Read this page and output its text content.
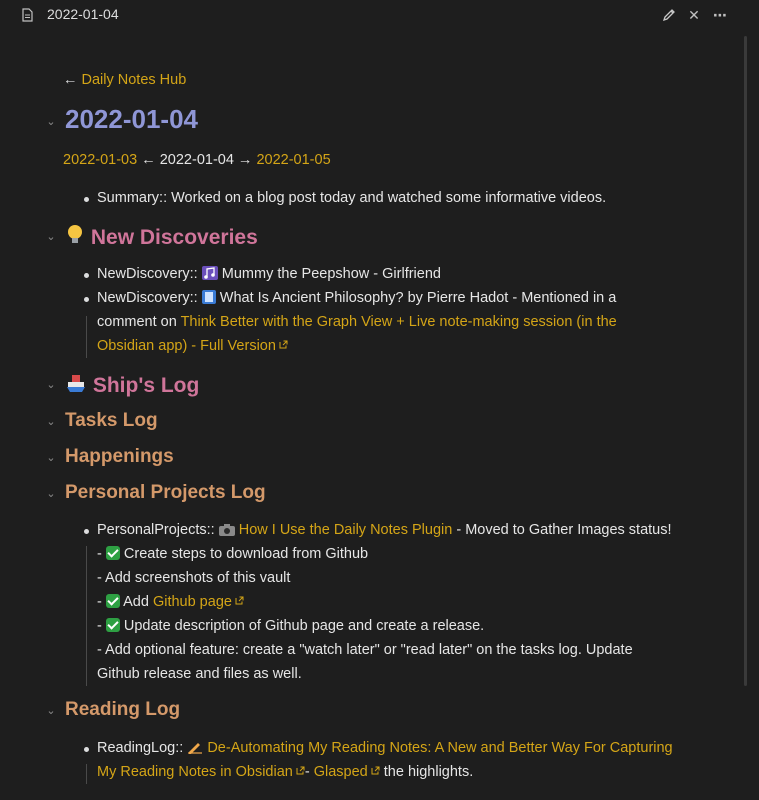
2022-01-04	✕ ⋯
← Daily Notes Hub
⌄ 2022-01-04
2022-01-03 ← 2022-01-04 → 2022-01-05
Summary:: Worked on a blog post today and watched some informative videos.
⌄	New Discoveries
NewDiscovery::  Mummy the Peepshow - Girlfriend
NewDiscovery::  What Is Ancient Philosophy? by Pierre Hadot - Mentioned in a
comment on Think Better with the Graph View + Live note-making session (in the
Obsidian app) - Full Version
⌄	Ship's Log
⌄ Tasks Log
⌄ Happenings
⌄ Personal Projects Log
PersonalProjects::  How I Use the Daily Notes Plugin - Moved to Gather Images status!
-  Create steps to download from Github
- Add screenshots of this vault
-  Add Github page
-  Update description of Github page and create a release.
- Add optional feature: create a "watch later" or "read later" on the tasks log. Update
Github release and files as well.
⌄ Reading Log
ReadingLog::  De-Automating My Reading Notes: A New and Better Way For Capturing
My Reading Notes in Obsidian - Glasped the highlights.
